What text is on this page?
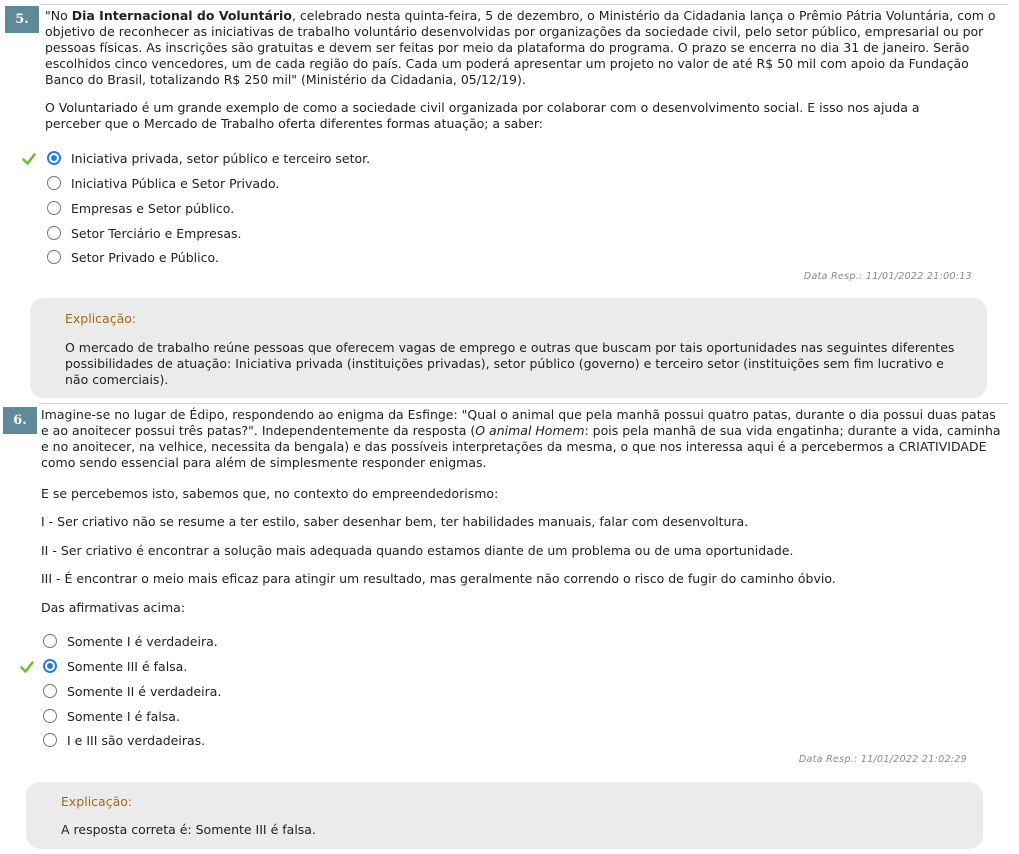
5.	"No Dia Internacional do Voluntário, celebrado nesta quinta-feira, 5 de dezembro, o Ministério da Cidadania lança o Prêmio Pátria Voluntária, com o objetivo de reconhecer as iniciativas de trabalho voluntário desenvolvidas por organizações da sociedade civil, pelo setor público, empresarial ou por pessoas físicas. As inscrições são gratuitas e devem ser feitas por meio da plataforma do programa. O prazo se encerra no dia 31 de janeiro. Serão escolhidos cinco vencedores, um de cada região do país. Cada um poderá apresentar um projeto no valor de até R$ 50 mil com apoio da Fundação Banco do Brasil, totalizando R$ 250 mil" (Ministério da Cidadania, 05/12/19).

O Voluntariado é um grande exemplo de como a sociedade civil organizada por colaborar com o desenvolvimento social. E isso nos ajuda a perceber que o Mercado de Trabalho oferta diferentes formas atuação; a saber:

Iniciativa privada, setor público e terceiro setor.
Iniciativa Pública e Setor Privado.
Empresas e Setor público.
Setor Terciário e Empresas.
Setor Privado e Público.
Data Resp.: 11/01/2022 21:00:13
Explicação:
O mercado de trabalho reúne pessoas que oferecem vagas de emprego e outras que buscam por tais oportunidades nas seguintes diferentes possibilidades de atuação: Iniciativa privada (instituições privadas), setor público (governo) e terceiro setor (instituições sem fim lucrativo e não comerciais).
6.	Imagine-se no lugar de Édipo, respondendo ao enigma da Esfinge: "Qual o animal que pela manhã possui quatro patas, durante o dia possui duas patas e ao anoitecer possui três patas?". Independentemente da resposta (O animal Homem: pois pela manhã de sua vida engatinha; durante a vida, caminha e no anoitecer, na velhice, necessita da bengala) e das possíveis interpretações da mesma, o que nos interessa aqui é a percebermos a CRIATIVIDADE como sendo essencial para além de simplesmente responder enigmas.

E se percebemos isto, sabemos que, no contexto do empreendedorismo:

I - Ser criativo não se resume a ter estilo, saber desenhar bem, ter habilidades manuais, falar com desenvoltura.

II - Ser criativo é encontrar a solução mais adequada quando estamos diante de um problema ou de uma oportunidade.

III - É encontrar o meio mais eficaz para atingir um resultado, mas geralmente não correndo o risco de fugir do caminho óbvio.

Das afirmativas acima:

Somente I é verdadeira.
Somente III é falsa.
Somente II é verdadeira.
Somente I é falsa.
I e III são verdadeiras.
Data Resp.: 11/01/2022 21:02:29
Explicação:
A resposta correta é: Somente III é falsa.
